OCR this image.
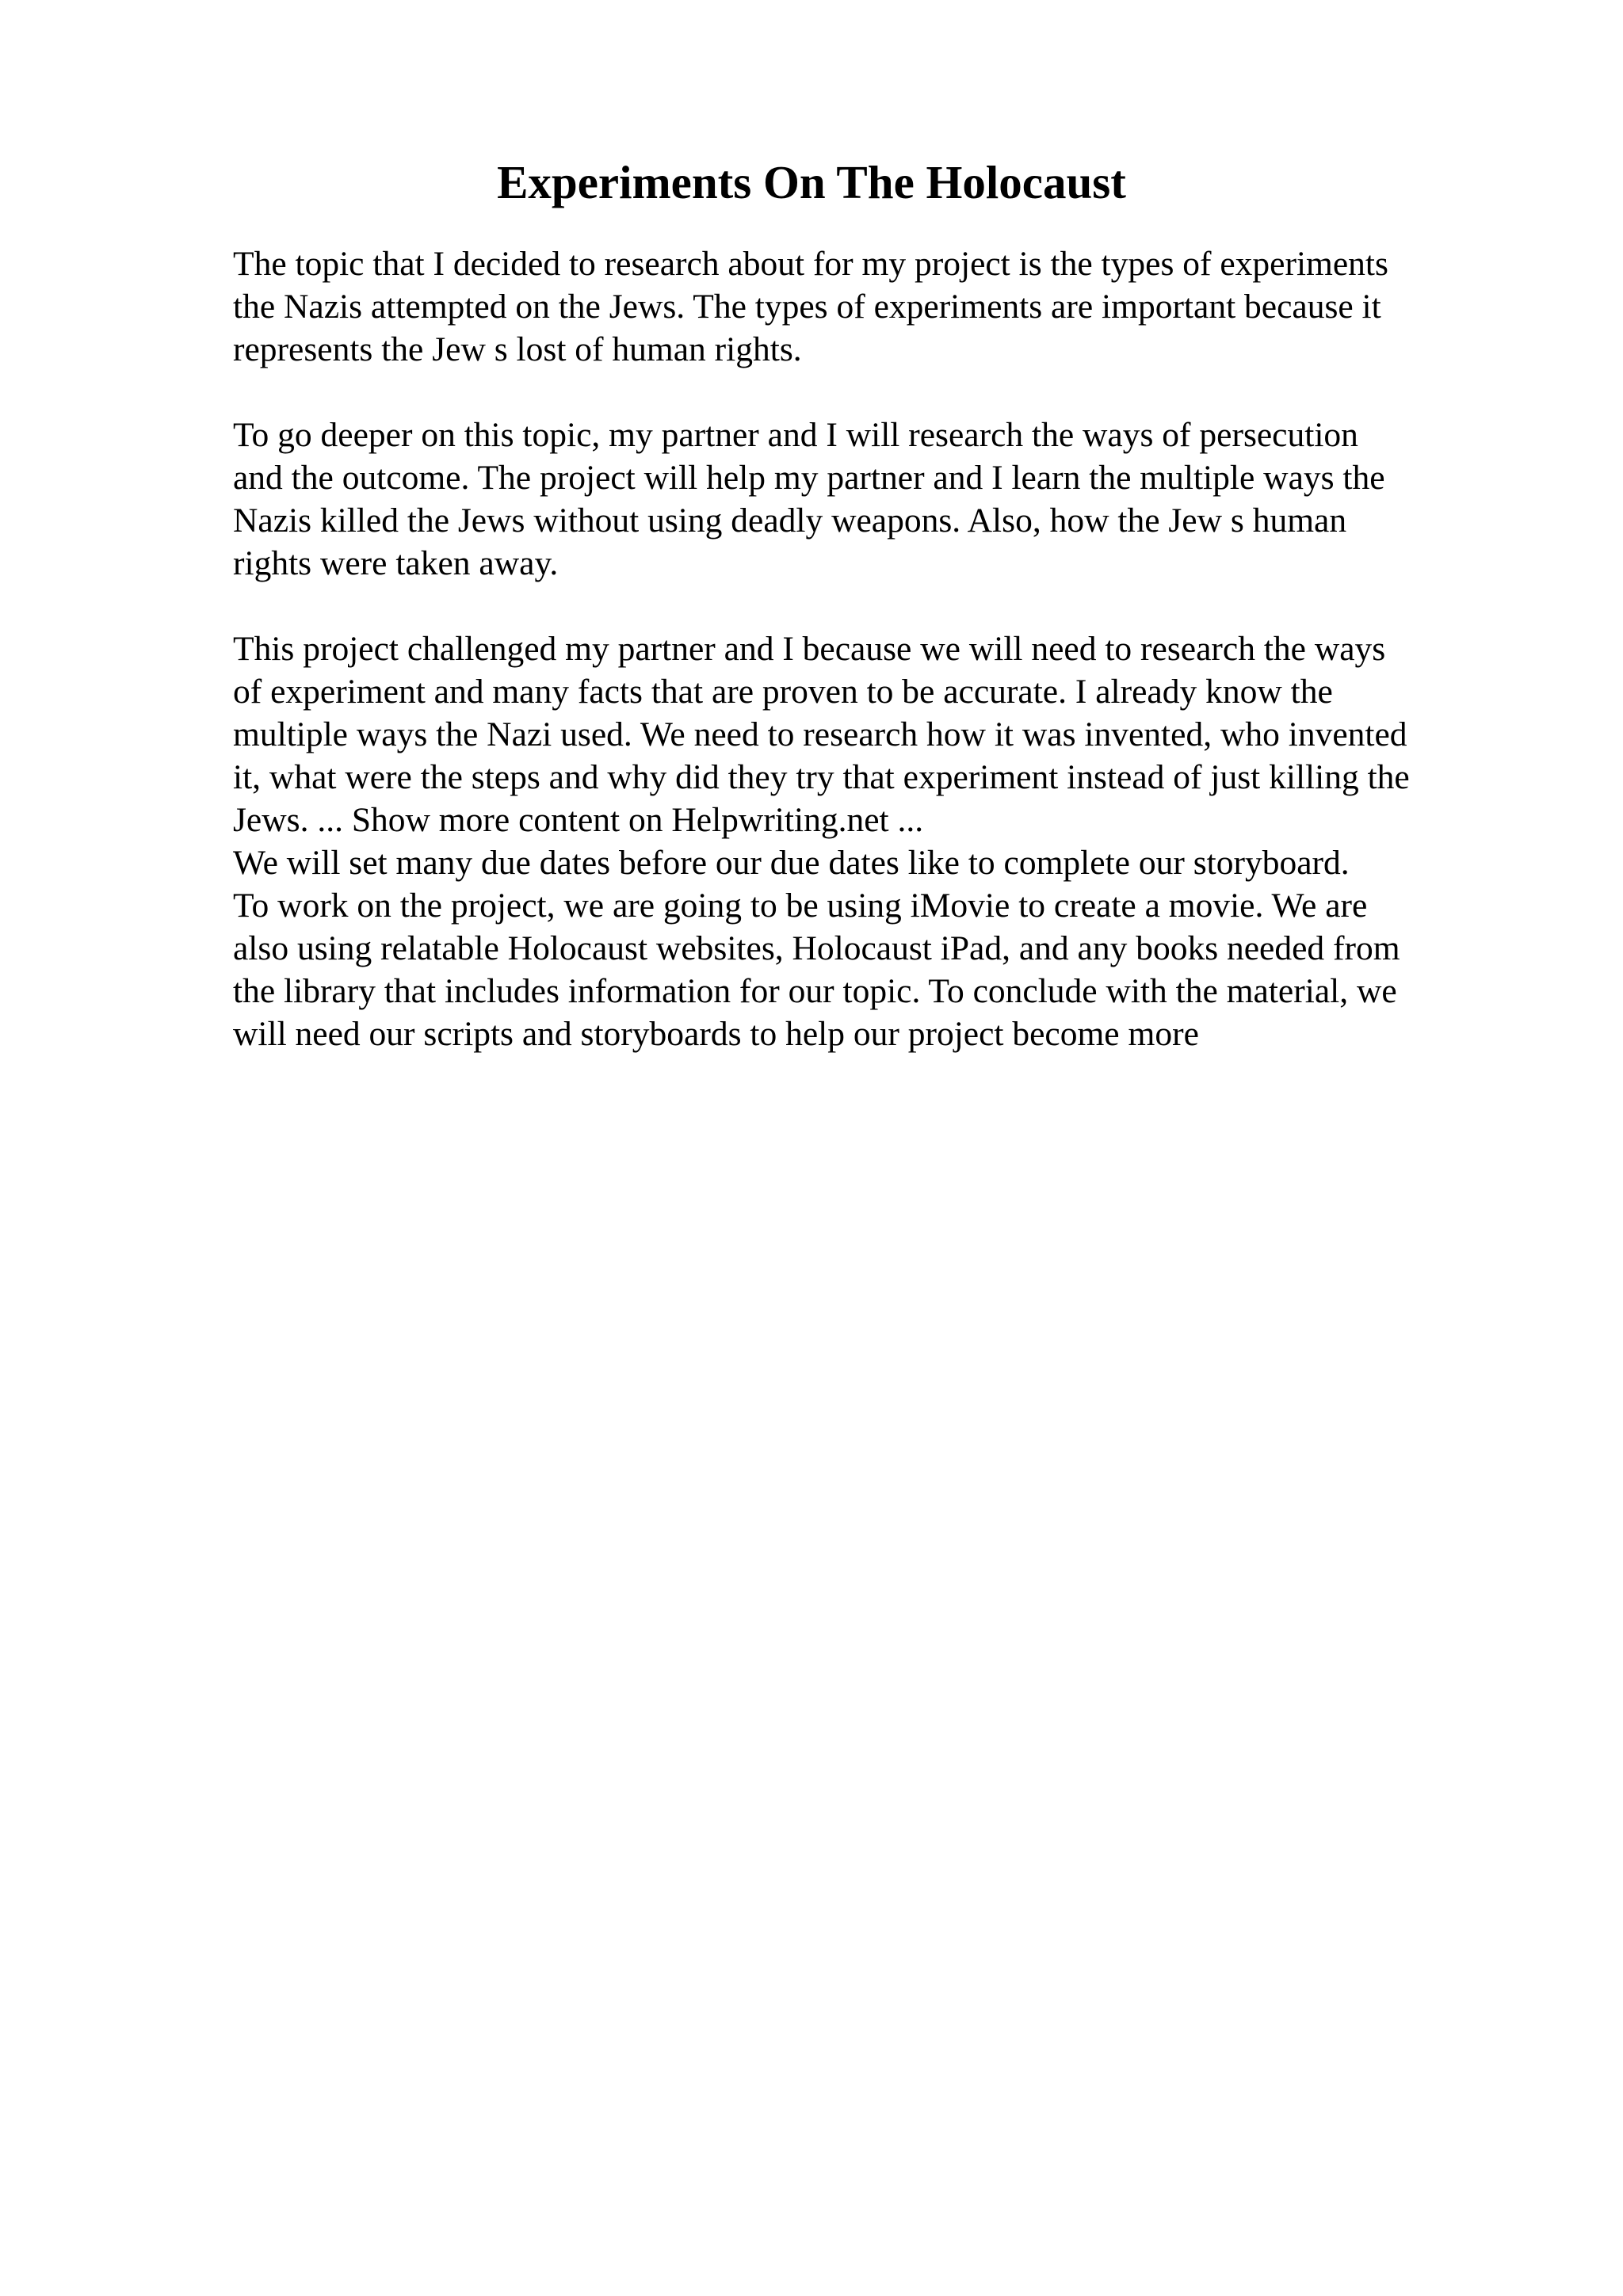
Experiments On The Holocaust

The topic that I decided to research about for my project is the types of experiments
the Nazis attempted on the Jews. The types of experiments are important because it
represents the Jew s lost of human rights.

To go deeper on this topic, my partner and I will research the ways of persecution
and the outcome. The project will help my partner and I learn the multiple ways the
Nazis killed the Jews without using deadly weapons. Also, how the Jew s human
rights were taken away.

This project challenged my partner and I because we will need to research the ways
of experiment and many facts that are proven to be accurate. I already know the
multiple ways the Nazi used. We need to research how it was invented, who invented
it, what were the steps and why did they try that experiment instead of just killing the
Jews. ... Show more content on Helpwriting.net ...
We will set many due dates before our due dates like to complete our storyboard.
To work on the project, we are going to be using iMovie to create a movie. We are
also using relatable Holocaust websites, Holocaust iPad, and any books needed from
the library that includes information for our topic. To conclude with the material, we
will need our scripts and storyboards to help our project become more
